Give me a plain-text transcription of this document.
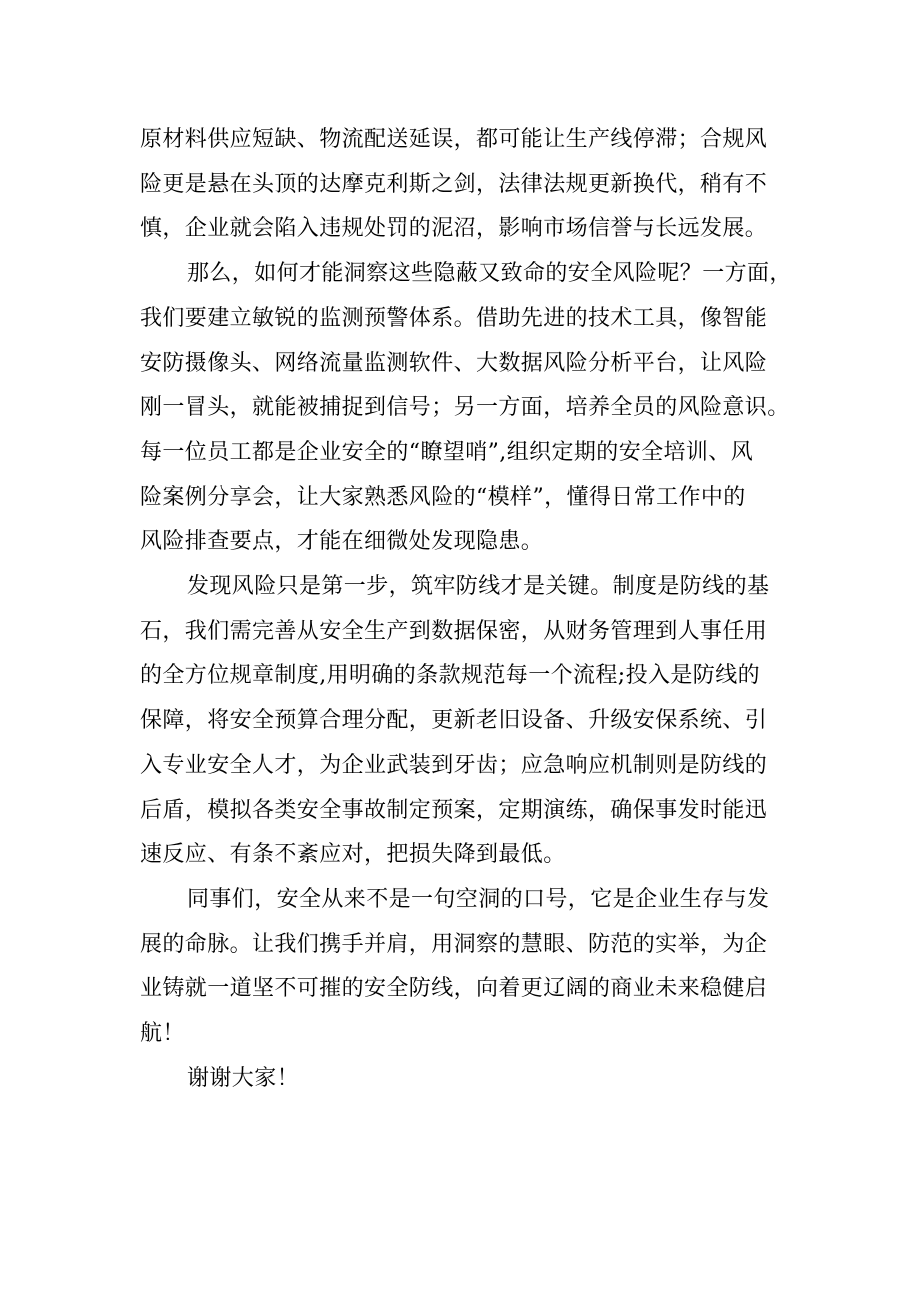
原材料供应短缺、物流配送延误，都可能让生产线停滞；合规风
险更是悬在头顶的达摩克利斯之剑，法律法规更新换代，稍有不
慎，企业就会陷入违规处罚的泥沼，影响市场信誉与长远发展。

那么，如何才能洞察这些隐蔽又致命的安全风险呢？一方面，
我们要建立敏锐的监测预警体系。借助先进的技术工具，像智能
安防摄像头、网络流量监测软件、大数据风险分析平台，让风险
刚一冒头，就能被捕捉到信号；另一方面，培养全员的风险意识。
每一位员工都是企业安全的“瞭望哨”,组织定期的安全培训、风
险案例分享会，让大家熟悉风险的“模样”，懂得日常工作中的
风险排查要点，才能在细微处发现隐患。

发现风险只是第一步，筑牢防线才是关键。制度是防线的基
石，我们需完善从安全生产到数据保密，从财务管理到人事任用
的全方位规章制度,用明确的条款规范每一个流程;投入是防线的
保障，将安全预算合理分配，更新老旧设备、升级安保系统、引
入专业安全人才，为企业武装到牙齿；应急响应机制则是防线的
后盾，模拟各类安全事故制定预案，定期演练，确保事发时能迅
速反应、有条不紊应对，把损失降到最低。

同事们，安全从来不是一句空洞的口号，它是企业生存与发
展的命脉。让我们携手并肩，用洞察的慧眼、防范的实举，为企
业铸就一道坚不可摧的安全防线，向着更辽阔的商业未来稳健启
航！

谢谢大家！
